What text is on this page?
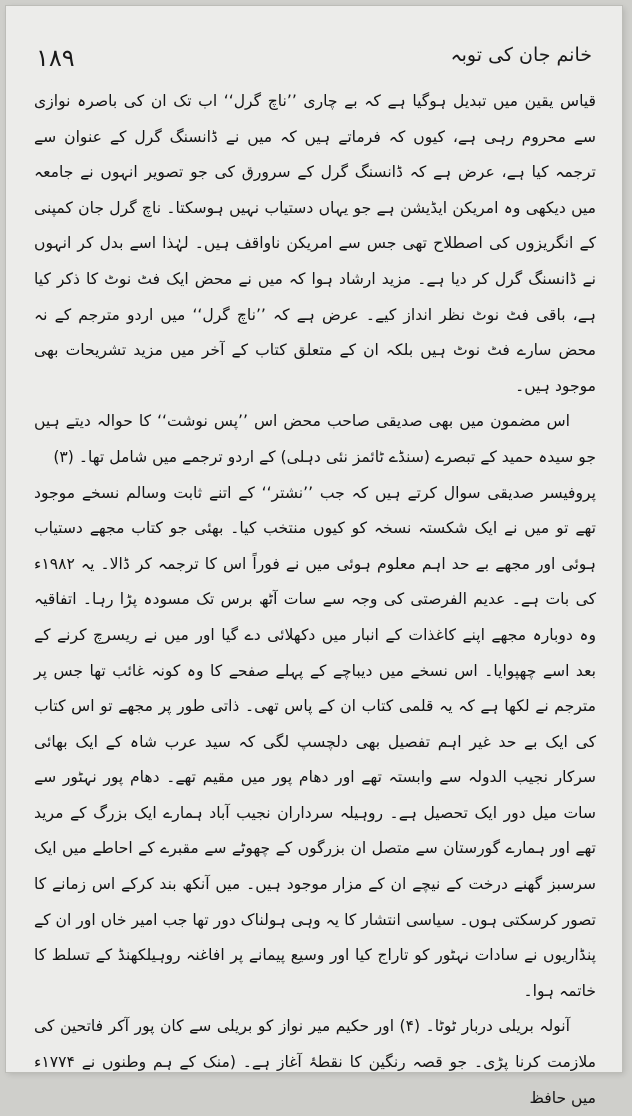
۱۸۹	خانم جان کی توبہ

قیاس یقین میں تبدیل ہوگیا ہے کہ بے چاری ’’ناچ گرل‘‘ اب تک ان کی باصرہ نوازی سے محروم رہی ہے، کیوں کہ فرماتے ہیں کہ میں نے ڈانسنگ گرل کے عنوان سے ترجمہ کیا ہے، عرض ہے کہ ڈانسنگ گرل کے سرورق کی جو تصویر انہوں نے جامعہ میں دیکھی وہ امریکن ایڈیشن ہے جو یہاں دستیاب نہیں ہوسکتا۔ ناچ گرل جان کمپنی کے انگریزوں کی اصطلاح تھی جس سے امریکن ناواقف ہیں۔ لہٰذا اسے بدل کر انہوں نے ڈانسنگ گرل کر دیا ہے۔ مزید ارشاد ہوا کہ میں نے محض ایک فٹ نوٹ کا ذکر کیا ہے، باقی فٹ نوٹ نظر انداز کیے۔ عرض ہے کہ ’’ناچ گرل‘‘ میں اردو مترجم کے نہ محض سارے فٹ نوٹ ہیں بلکہ ان کے متعلق کتاب کے آخر میں مزید تشریحات بھی موجود ہیں۔

اس مضمون میں بھی صدیقی صاحب محض اس ’’پس نوشت‘‘ کا حوالہ دیتے ہیں جو سیدہ حمید کے تبصرے (سنڈے ٹائمز نئی دہلی) کے اردو ترجمے میں شامل تھا۔ (۳)

پروفیسر صدیقی سوال کرتے ہیں کہ جب ’’نشتر‘‘ کے اتنے ثابت وسالم نسخے موجود تھے تو میں نے ایک شکستہ نسخہ کو کیوں منتخب کیا۔ بھئی جو کتاب مجھے دستیاب ہوئی اور مجھے بے حد اہم معلوم ہوئی میں نے فوراً اس کا ترجمہ کر ڈالا۔ یہ ۱۹۸۲ء کی بات ہے۔ عدیم الفرصتی کی وجہ سے سات آٹھ برس تک مسودہ پڑا رہا۔ اتفاقیہ وہ دوبارہ مجھے اپنے کاغذات کے انبار میں دکھلائی دے گیا اور میں نے ریسرچ کرنے کے بعد اسے چھپوایا۔ اس نسخے میں دیباچے کے پہلے صفحے کا وہ کونہ غائب تھا جس پر مترجم نے لکھا ہے کہ یہ قلمی کتاب ان کے پاس تھی۔ ذاتی طور پر مجھے تو اس کتاب کی ایک بے حد غیر اہم تفصیل بھی دلچسپ لگی کہ سید عرب شاہ کے ایک بھائی سرکار نجیب الدولہ سے وابستہ تھے اور دھام پور میں مقیم تھے۔ دھام پور نہٹور سے سات میل دور ایک تحصیل ہے۔ روہیلہ سرداران نجیب آباد ہمارے ایک بزرگ کے مرید تھے اور ہمارے گورستان سے متصل ان بزرگوں کے چھوٹے سے مقبرے کے احاطے میں ایک سرسبز گھنے درخت کے نیچے ان کے مزار موجود ہیں۔ میں آنکھ بند کرکے اس زمانے کا تصور کرسکتی ہوں۔ سیاسی انتشار کا یہ وہی ہولناک دور تھا جب امیر خاں اور ان کے پنڈاریوں نے سادات نہٹور کو تاراج کیا اور وسیع پیمانے پر افاغنہ روہیلکھنڈ کے تسلط کا خاتمہ ہوا۔

آنولہ بریلی دربار ٹوٹا۔ (۴) اور حکیم میر نواز کو بریلی سے کان پور آکر فاتحین کی ملازمت کرنا پڑی۔ جو قصہ رنگین کا نقطۂ آغاز ہے۔ (منک کے ہم وطنوں نے ۱۷۷۴ء میں حافظ
